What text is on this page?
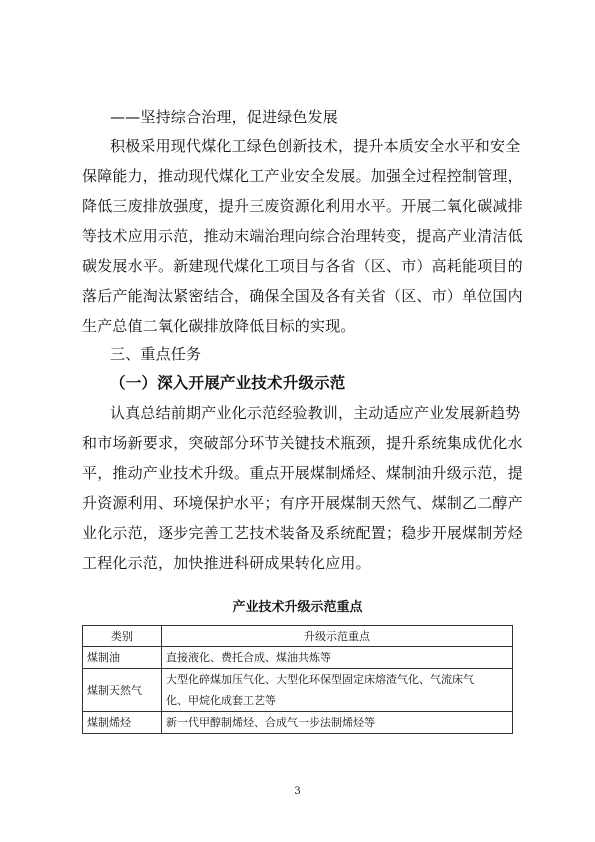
——坚持综合治理，促进绿色发展
积极采用现代煤化工绿色创新技术，提升本质安全水平和安全
保障能力，推动现代煤化工产业安全发展。加强全过程控制管理，
降低三废排放强度，提升三废资源化利用水平。开展二氧化碳减排
等技术应用示范，推动末端治理向综合治理转变，提高产业清洁低
碳发展水平。新建现代煤化工项目与各省（区、市）高耗能项目的
落后产能淘汰紧密结合，确保全国及各有关省（区、市）单位国内
生产总值二氧化碳排放降低目标的实现。
三、重点任务
（一）深入开展产业技术升级示范
认真总结前期产业化示范经验教训，主动适应产业发展新趋势
和市场新要求，突破部分环节关键技术瓶颈，提升系统集成优化水
平，推动产业技术升级。重点开展煤制烯烃、煤制油升级示范，提
升资源利用、环境保护水平；有序开展煤制天然气、煤制乙二醇产
业化示范，逐步完善工艺技术装备及系统配置；稳步开展煤制芳烃
工程化示范，加快推进科研成果转化应用。
产业技术升级示范重点
类别	升级示范重点
煤制油	直接液化、费托合成、煤油共炼等
煤制天然气	大型化碎煤加压气化、大型化环保型固定床熔渣气化、气流床气
化、甲烷化成套工艺等

煤制烯烃	新一代甲醇制烯烃、合成气一步法制烯烃等
3
